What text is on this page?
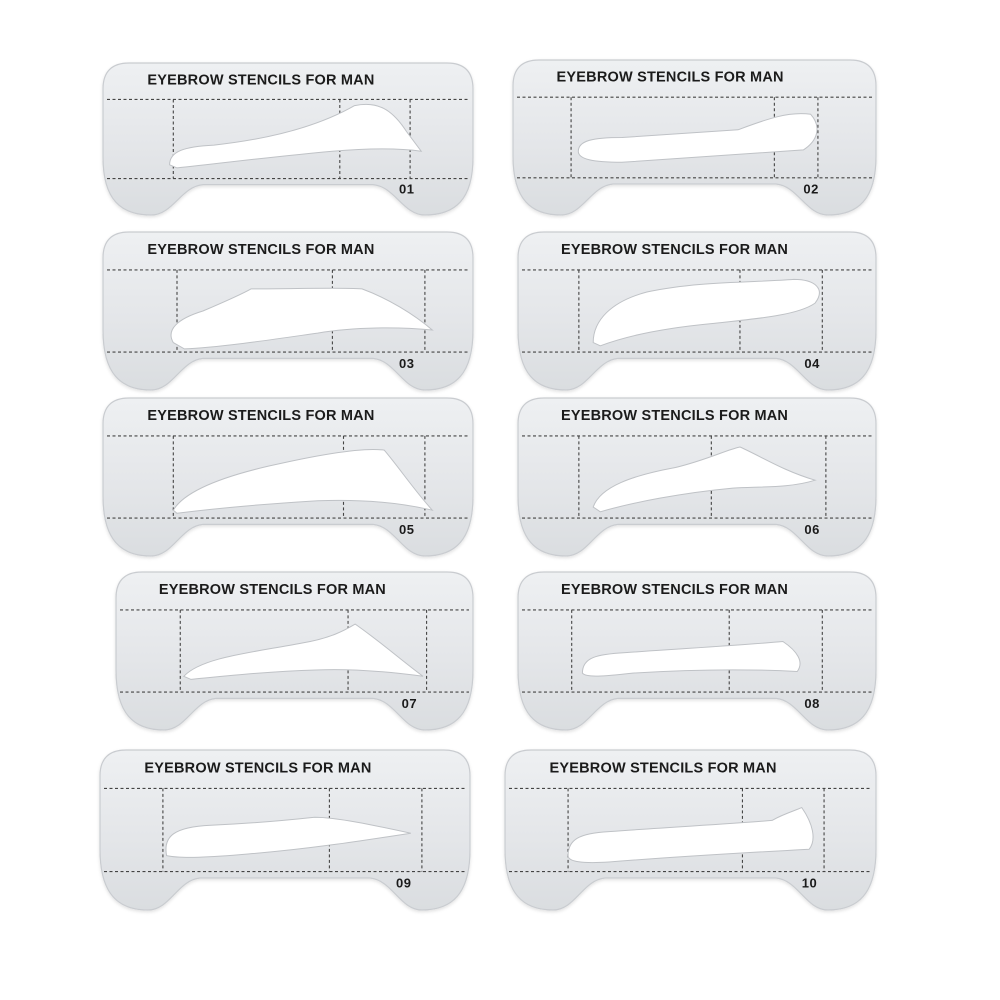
EYEBROW STENCILS FOR MAN
01
EYEBROW STENCILS FOR MAN
02
EYEBROW STENCILS FOR MAN
03
EYEBROW STENCILS FOR MAN
04
EYEBROW STENCILS FOR MAN
05
EYEBROW STENCILS FOR MAN
06
EYEBROW STENCILS FOR MAN
07
EYEBROW STENCILS FOR MAN
08
EYEBROW STENCILS FOR MAN
09
EYEBROW STENCILS FOR MAN
10
